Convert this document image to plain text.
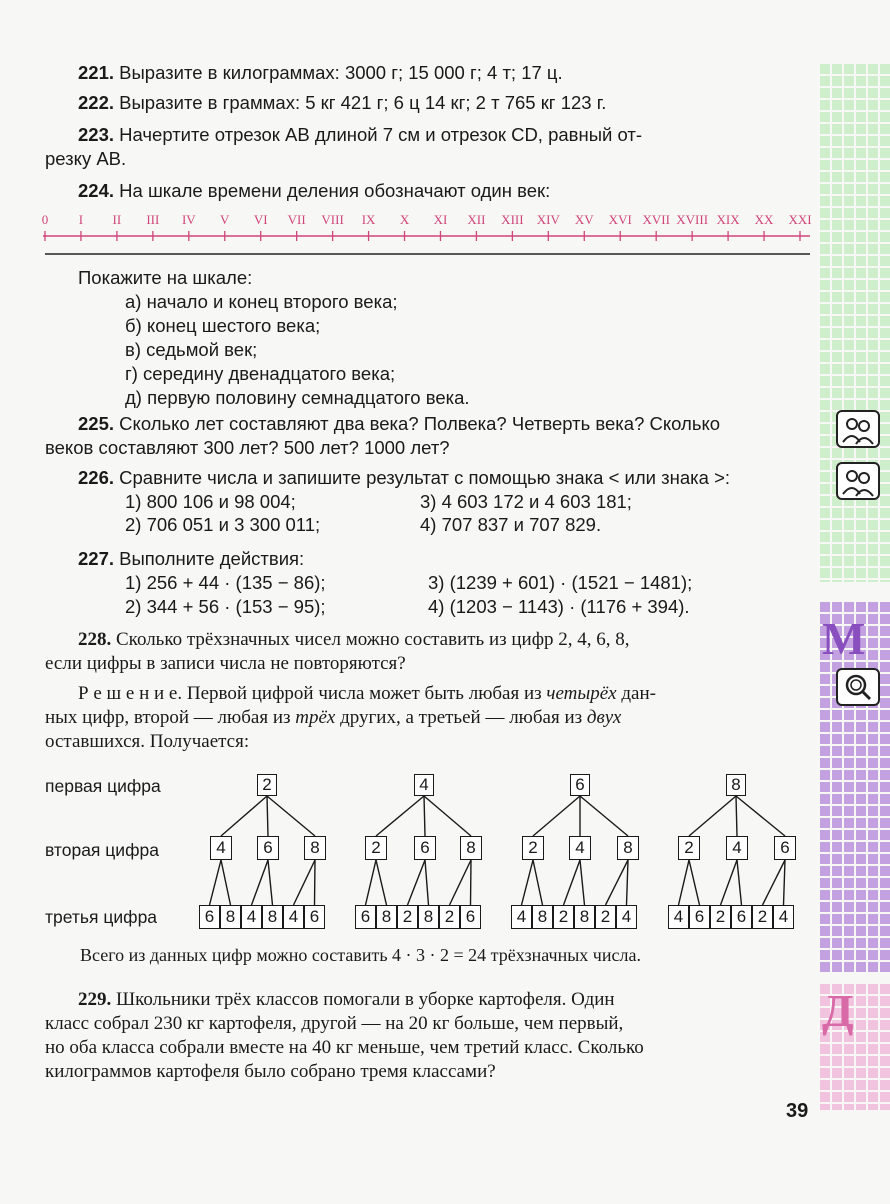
М
Д
221. Выразите в килограммах: 3000 г; 15 000 г; 4 т; 17 ц.
222. Выразите в граммах: 5 кг 421 г; 6 ц 14 кг; 2 т 765 кг 123 г.
223. Начертите отрезок AB длиной 7 см и отрезок CD, равный от-
резку AB.
224. На шкале времени деления обозначают один век:
0 I II III IV V VI VII VIII IX X XI XII XIII XIV XV XVI XVII XVIII XIX XX XXI
Покажите на шкале:
а) начало и конец второго века;
б) конец шестого века;
в) седьмой век;
г) середину двенадцатого века;
д) первую половину семнадцатого века.
225. Сколько лет составляют два века? Полвека? Четверть века? Сколько
веков составляют 300 лет? 500 лет? 1000 лет?
226. Сравните числа и запишите результат с помощью знака < или знака >:
1) 800 106 и 98 004;
2) 706 051 и 3 300 011;
3) 4 603 172 и 4 603 181;
4) 707 837 и 707 829.
227. Выполните действия:
1) 256 + 44 · (135 − 86);
2) 344 + 56 · (153 − 95);
3) (1239 + 601) · (1521 − 1481);
4) (1203 − 1143) · (1176 + 394).
228. Сколько трёхзначных чисел можно составить из цифр 2, 4, 6, 8,
если цифры в записи числа не повторяются?
Р е ш е н и е. Первой цифрой числа может быть любая из четырёх дан-
ных цифр, второй — любая из трёх других, а третьей — любая из двух
оставшихся. Получается:
первая цифра
вторая цифра
третья цифра
2
4	6	8
6 8 4 8 4 6
4
2	6	8
6 8 2 8 2 6
6
2	4	8
4 8 2 8 2 4
8
2	4	6
4 6 2 6 2 4
Всего из данных цифр можно составить 4 · 3 · 2 = 24 трёхзначных числа.
229. Школьники трёх классов помогали в уборке картофеля. Один
класс собрал 230 кг картофеля, другой — на 20 кг больше, чем первый,
но оба класса собрали вместе на 40 кг меньше, чем третий класс. Сколько
килограммов картофеля было собрано тремя классами?
39
